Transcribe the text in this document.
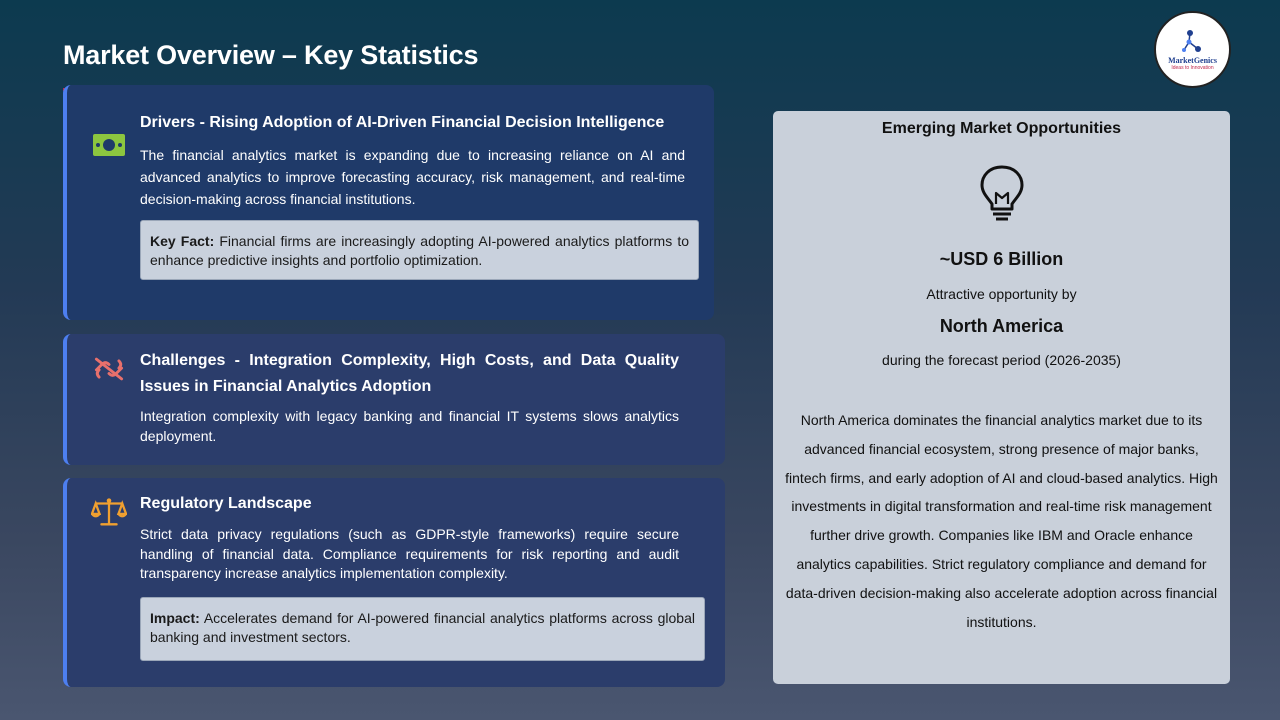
Market Overview – Key Statistics	MarketGenics
Ideas to Innovation
Drivers - Rising Adoption of AI-Driven Financial Decision Intelligence
The financial analytics market is expanding due to increasing reliance on AI and advanced analytics to improve forecasting accuracy, risk management, and real-time decision-making across financial institutions.
Key Fact: Financial firms are increasingly adopting AI-powered analytics platforms to enhance predictive insights and portfolio optimization.
Challenges - Integration Complexity, High Costs, and Data Quality Issues in Financial Analytics Adoption
Integration complexity with legacy banking and financial IT systems slows analytics deployment.
Regulatory Landscape
Strict data privacy regulations (such as GDPR-style frameworks) require secure handling of financial data. Compliance requirements for risk reporting and audit transparency increase analytics implementation complexity.
Impact: Accelerates demand for AI-powered financial analytics platforms across global banking and investment sectors.
Emerging Market Opportunities
~USD 6 Billion
Attractive opportunity by
North America
during the forecast period (2026-2035)
North America dominates the financial analytics market due to its advanced financial ecosystem, strong presence of major banks, fintech firms, and early adoption of AI and cloud-based analytics. High investments in digital transformation and real-time risk management further drive growth. Companies like IBM and Oracle enhance analytics capabilities. Strict regulatory compliance and demand for data-driven decision-making also accelerate adoption across financial institutions.
